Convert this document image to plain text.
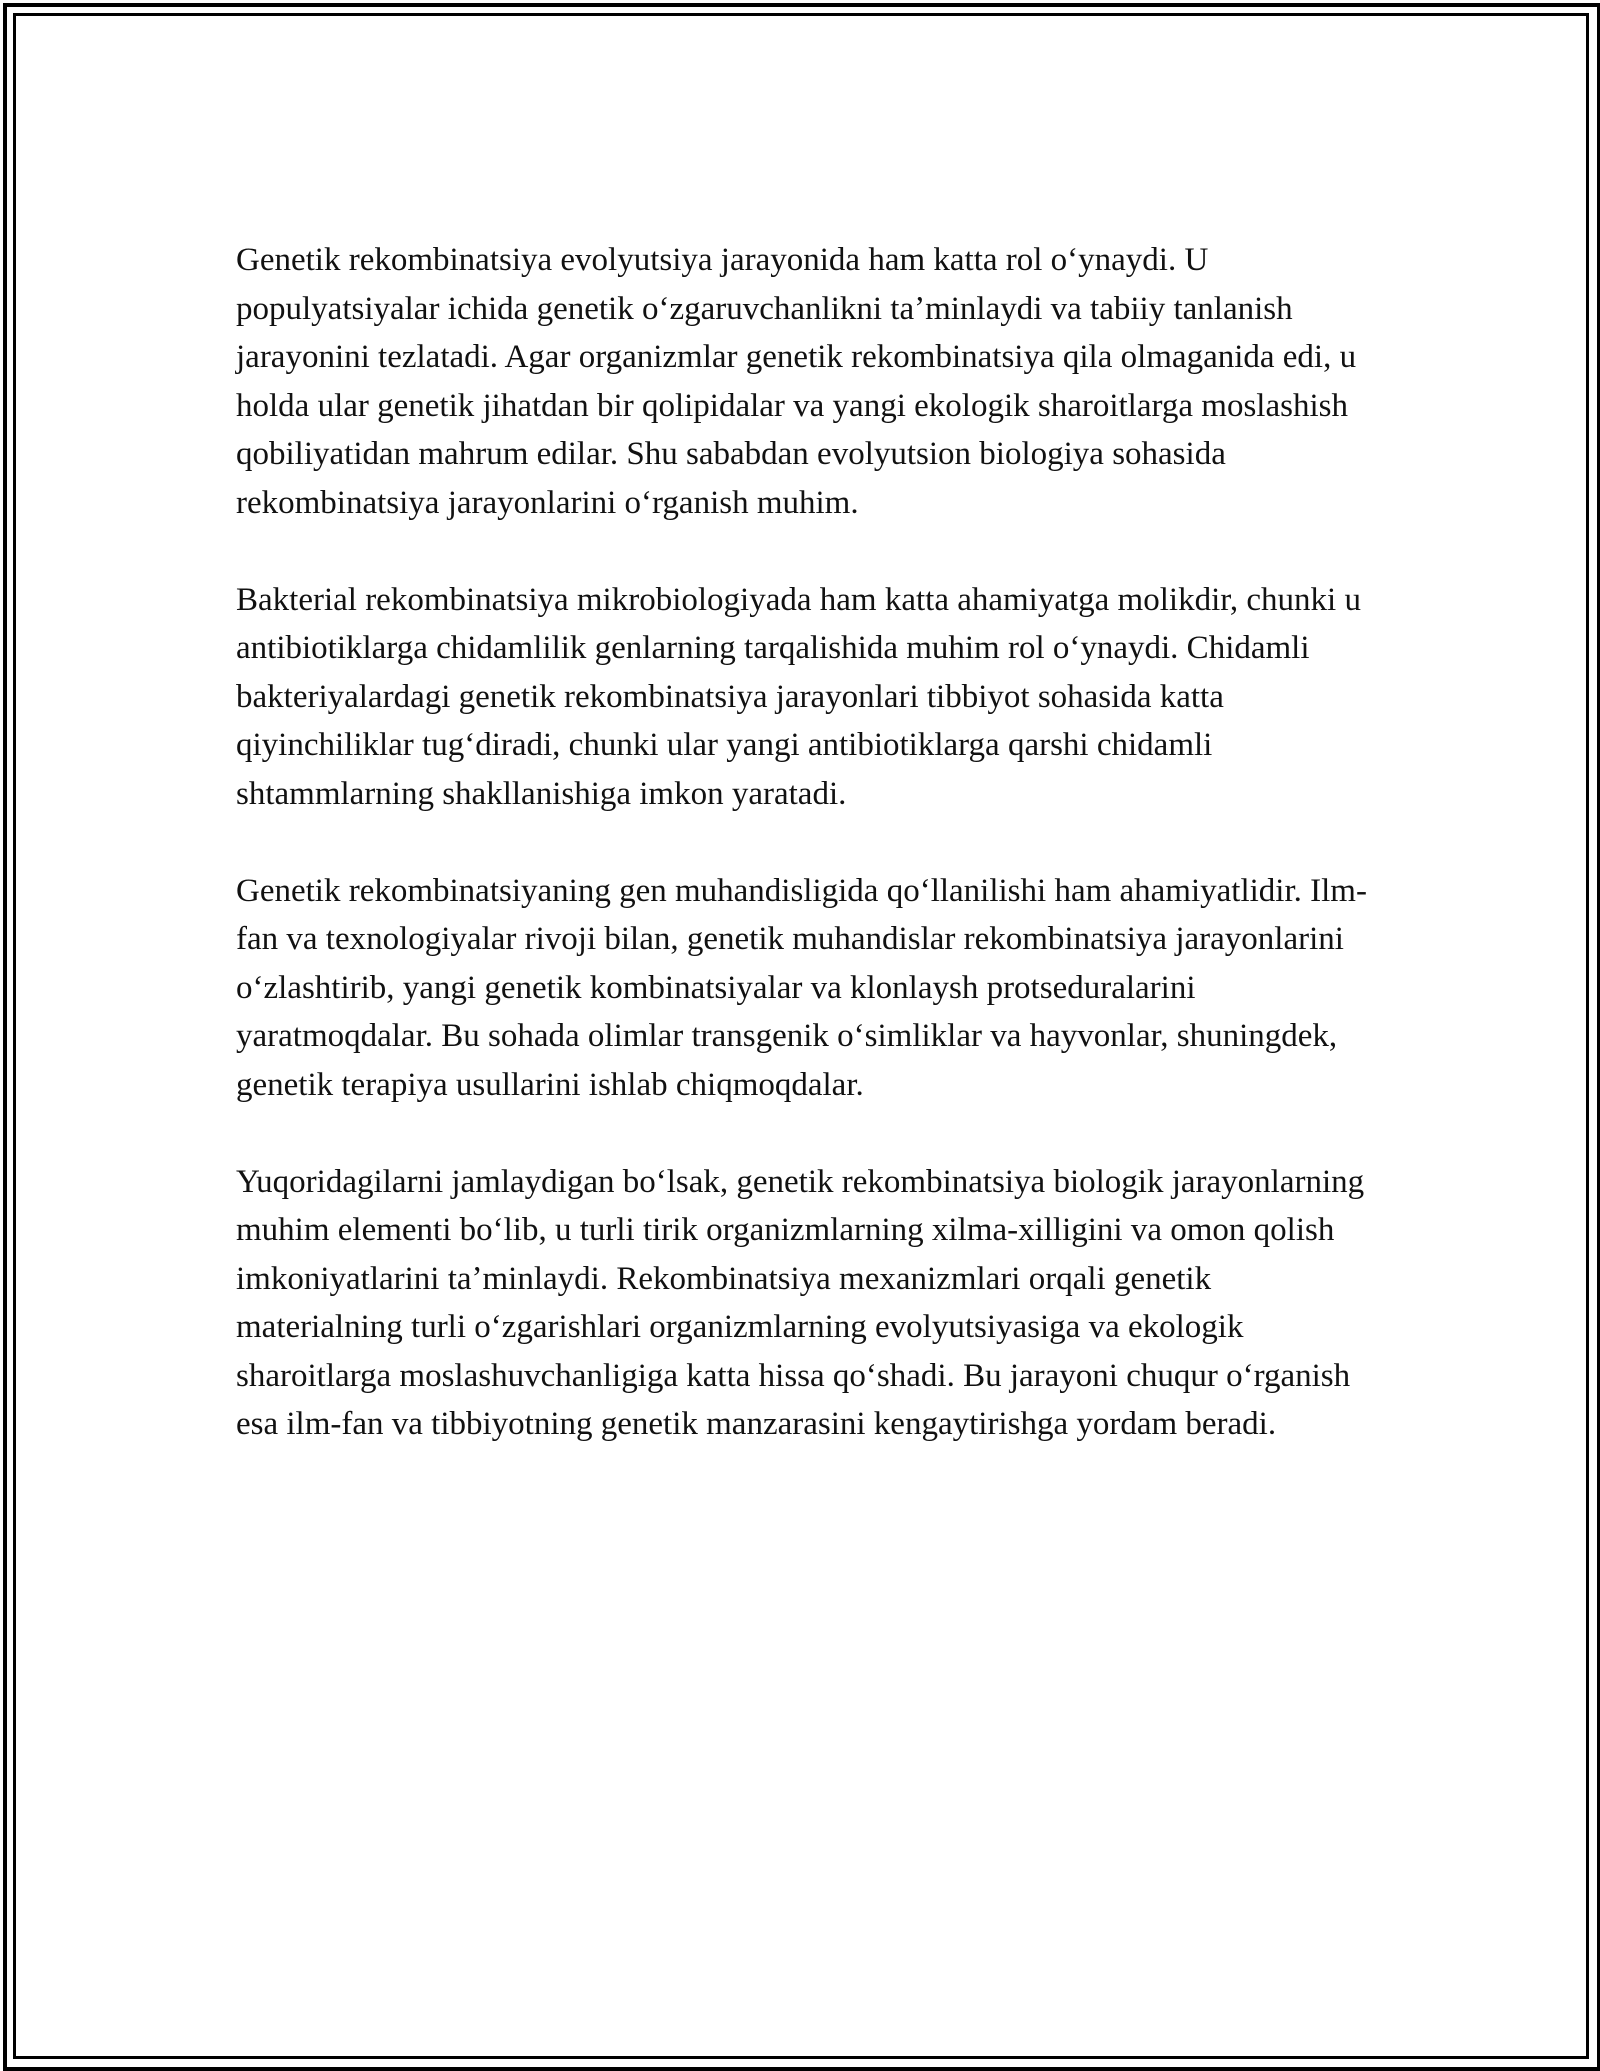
Genetik rekombinatsiya evolyutsiya jarayonida ham katta rol oʻynaydi. U populyatsiyalar ichida genetik oʻzgaruvchanlikni taʼminlaydi va tabiiy tanlanish jarayonini tezlatadi. Agar organizmlar genetik rekombinatsiya qila olmaganida edi, u holda ular genetik jihatdan bir qolipidalar va yangi ekologik sharoitlarga moslashish qobiliyatidan mahrum edilar. Shu sababdan evolyutsion biologiya sohasida rekombinatsiya jarayonlarini oʻrganish muhim.

Bakterial rekombinatsiya mikrobiologiyada ham katta ahamiyatga molikdir, chunki u antibiotiklarga chidamlilik genlarning tarqalishida muhim rol oʻynaydi. Chidamli bakteriyalardagi genetik rekombinatsiya jarayonlari tibbiyot sohasida katta qiyinchiliklar tugʻdiradi, chunki ular yangi antibiotiklarga qarshi chidamli shtammlarning shakllanishiga imkon yaratadi.

Genetik rekombinatsiyaning gen muhandisligida qoʻllanilishi ham ahamiyatlidir. Ilm-fan va texnologiyalar rivoji bilan, genetik muhandislar rekombinatsiya jarayonlarini oʻzlashtirib, yangi genetik kombinatsiyalar va klonlaysh protseduralarini yaratmoqdalar. Bu sohada olimlar transgenik oʻsimliklar va hayvonlar, shuningdek, genetik terapiya usullarini ishlab chiqmoqdalar.

Yuqoridagilarni jamlaydigan boʻlsak, genetik rekombinatsiya biologik jarayonlarning muhim elementi boʻlib, u turli tirik organizmlarning xilma-xilligini va omon qolish imkoniyatlarini taʼminlaydi. Rekombinatsiya mexanizmlari orqali genetik materialning turli oʻzgarishlari organizmlarning evolyutsiyasiga va ekologik sharoitlarga moslashuvchanligiga katta hissa qoʻshadi. Bu jarayoni chuqur oʻrganish esa ilm-fan va tibbiyotning genetik manzarasini kengaytirishga yordam beradi.
